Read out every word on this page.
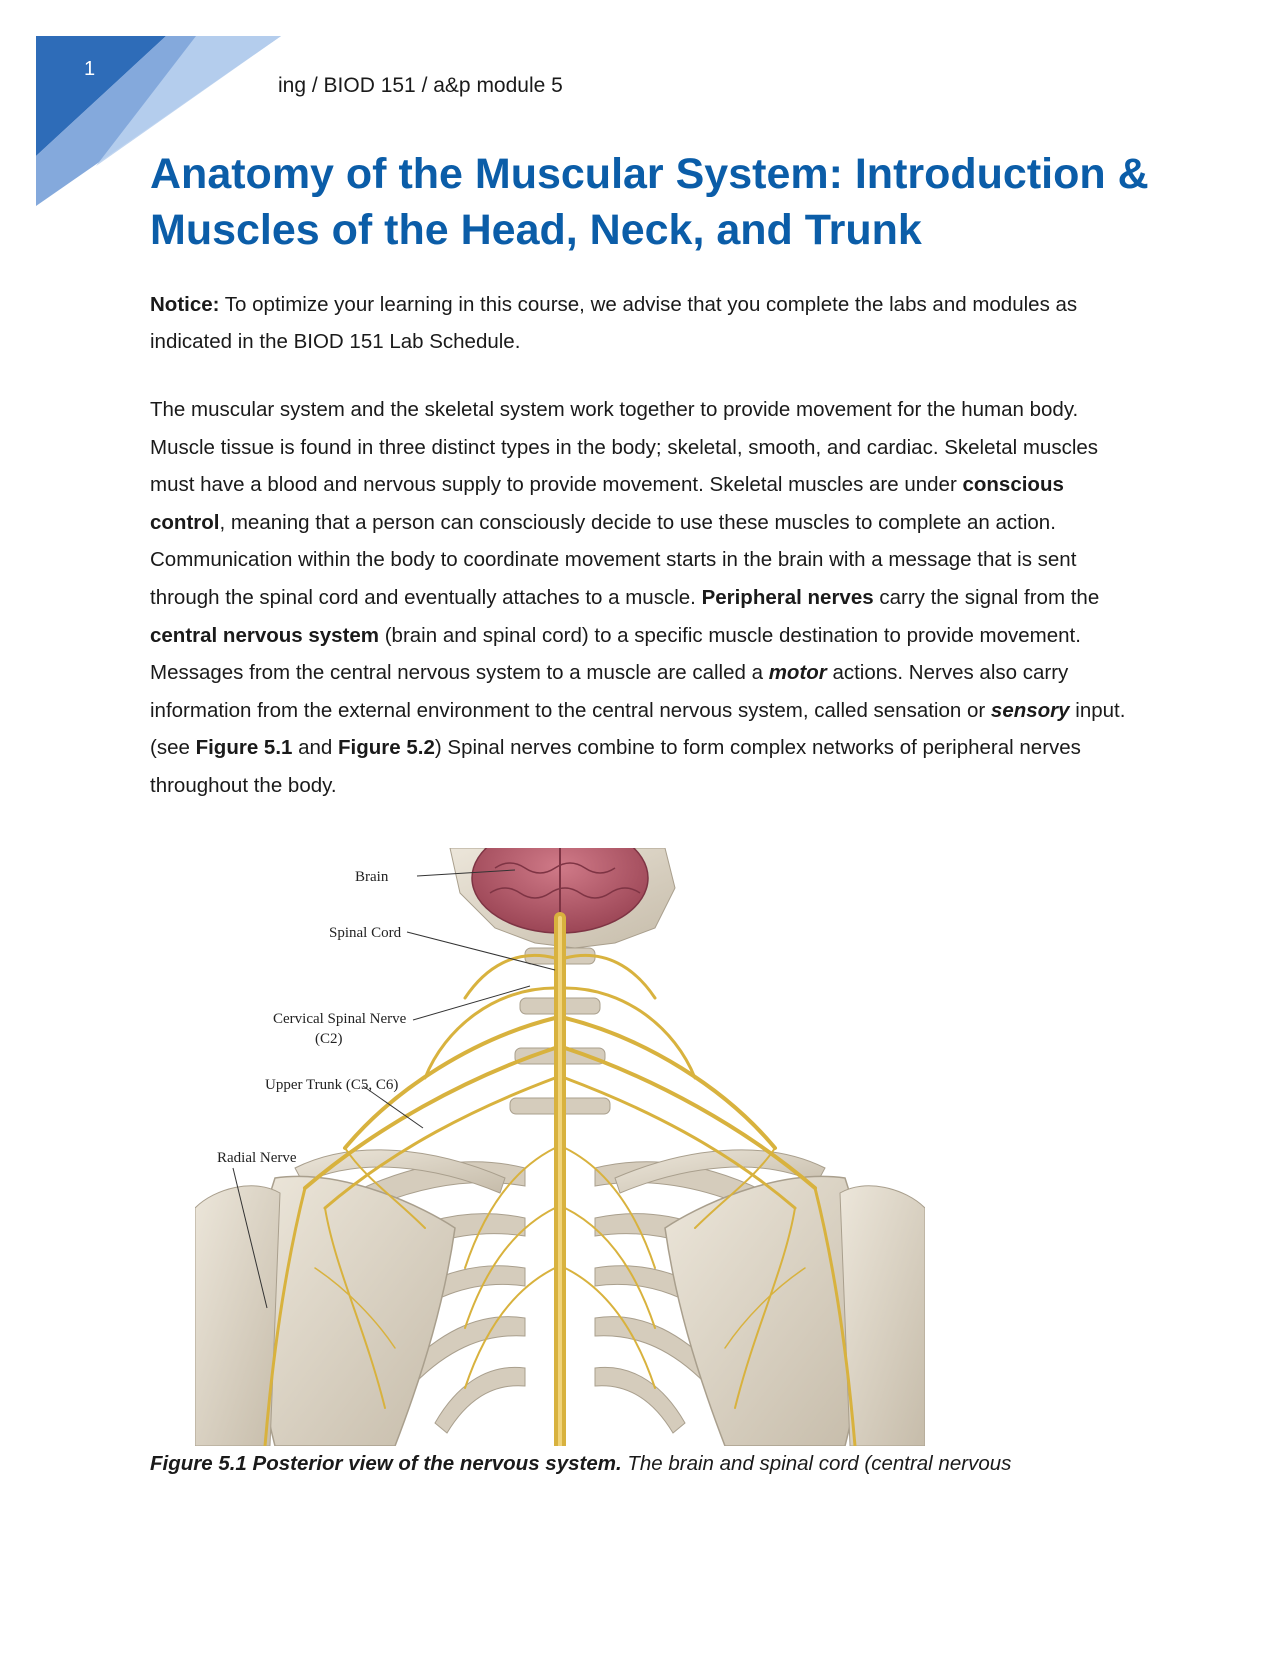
1
ing / BIOD 151 / a&p module 5
Anatomy of the Muscular System: Introduction &
Muscles of the Head, Neck, and Trunk

Notice: To optimize your learning in this course, we advise that you complete the labs and modules as indicated in the BIOD 151 Lab Schedule.

The muscular system and the skeletal system work together to provide movement for the human body. Muscle tissue is found in three distinct types in the body; skeletal, smooth, and cardiac. Skeletal muscles must have a blood and nervous supply to provide movement. Skeletal muscles are under conscious control, meaning that a person can consciously decide to use these muscles to complete an action. Communication within the body to coordinate movement starts in the brain with a message that is sent through the spinal cord and eventually attaches to a muscle. Peripheral nerves carry the signal from the central nervous system (brain and spinal cord) to a specific muscle destination to provide movement. Messages from the central nervous system to a muscle are called a motor actions. Nerves also carry information from the external environment to the central nervous system, called sensation or sensory input. (see Figure 5.1 and Figure 5.2) Spinal nerves combine to form complex networks of peripheral nerves throughout the body.

Brain
Spinal Cord
Cervical Spinal Nerve
(C2)
Upper Trunk (C5, C6)
Radial Nerve

Figure 5.1 Posterior view of the nervous system. The brain and spinal cord (central nervous
